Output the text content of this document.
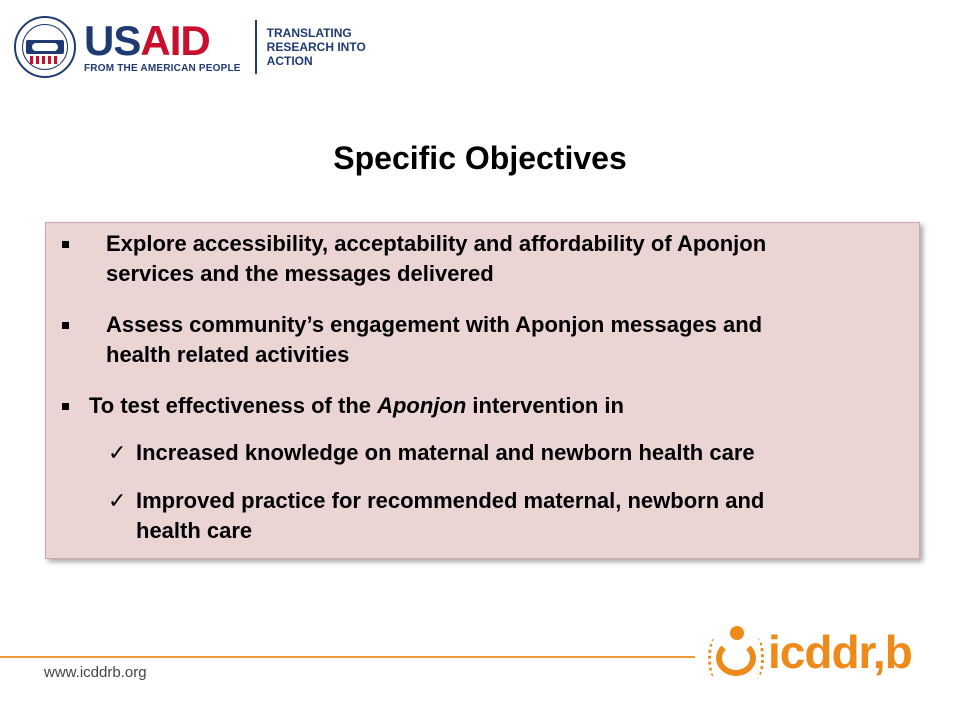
USAID
FROM THE AMERICAN PEOPLE
TRANSLATING
RESEARCH INTO
ACTION
Specific Objectives
Explore accessibility, acceptability and affordability of Aponjon
services and the messages delivered
Assess community’s engagement with Aponjon messages and
health related activities
To test effectiveness of the Aponjon intervention in
✓ Increased knowledge on maternal and newborn health care
✓ Improved practice for recommended maternal, newborn and
health care
www.icddrb.org	icddr,b
